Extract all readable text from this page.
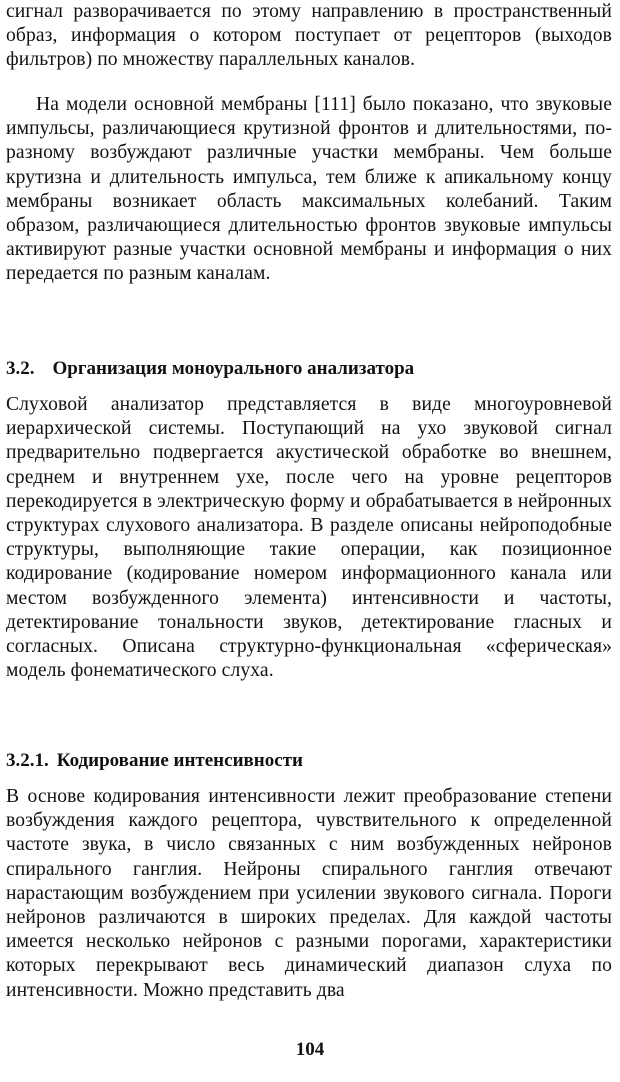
сигнал разворачивается по этому направлению в пространственный образ, информация о котором поступает от рецепторов (выходов фильтров) по множеству параллельных каналов.

На модели основной мембраны [111] было показано, что звуковые импульсы, различающиеся крутизной фронтов и длительностями, по-разному возбуждают различные участки мембраны. Чем больше крутизна и длительность импульса, тем ближе к апикальному концу мембраны возникает область максимальных колебаний. Таким образом, различающиеся длительностью фронтов звуковые импульсы активируют разные участки основной мембраны и информация о них передается по разным каналам.

3.2. Организация моноурального анализатора

Слуховой анализатор представляется в виде многоуровневой иерархической системы. Поступающий на ухо звуковой сигнал предварительно подвергается акустической обработке во внешнем, среднем и внутреннем ухе, после чего на уровне рецепторов перекодируется в электрическую форму и обрабатывается в нейронных структурах слухового анализатора. В разделе описаны нейроподобные структуры, выполняющие такие операции, как позиционное кодирование (кодирование номером информационного канала или местом возбужденного элемента) интенсивности и частоты, детектирование тональности звуков, детектирование гласных и согласных. Описана структурно-функциональная «сферическая» модель фонематического слуха.

3.2.1. Кодирование интенсивности

В основе кодирования интенсивности лежит преобразование степени возбуждения каждого рецептора, чувствительного к определенной частоте звука, в число связанных с ним возбужденных нейронов спирального ганглия. Нейроны спирального ганглия отвечают нарастающим возбуждением при усилении звукового сигнала. Пороги нейронов различаются в широких пределах. Для каждой частоты имеется несколько нейронов с разными порогами, характеристики которых перекрывают весь динамический диапазон слуха по интенсивности. Можно представить два

104
